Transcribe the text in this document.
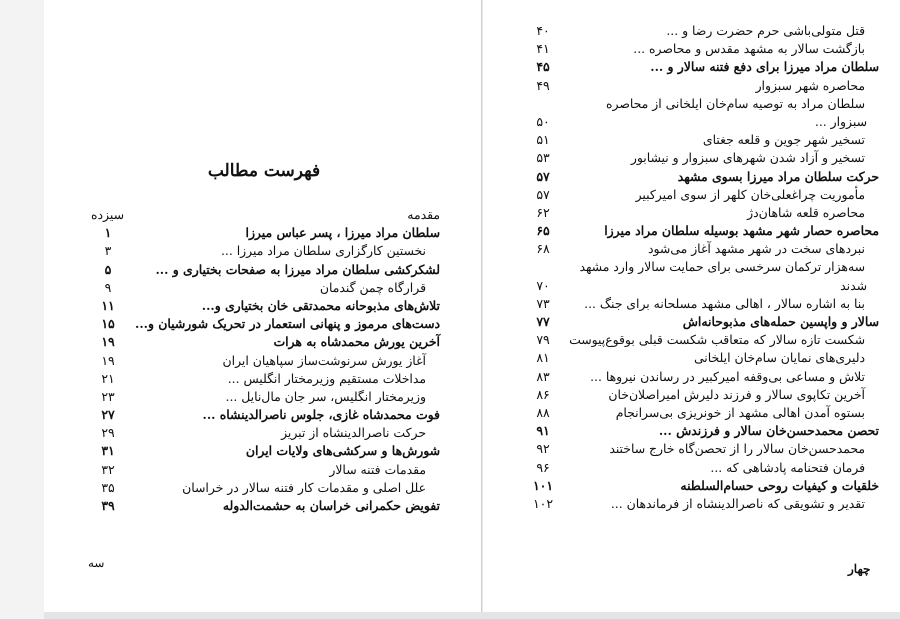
فهرست مطالب
مقدمه
سیزده
سلطان مراد میرزا ، پسر عباس میرزا
۱
نخستین کارگزاری سلطان مراد میرزا ...
۳
لشکرکشی سلطان مراد میرزا به صفحات بختیاری و ...
۵
قرارگاه چمن گندمان
۹
تلاش‌های مذبوحانه محمدتقی خان بختیاری و...
۱۱
دست‌های مرموز و پنهانی استعمار در تحریک شورشیان و...
۱۵
آخرین یورش محمدشاه به هرات
۱۹
آغاز یورش سرنوشت‌ساز سپاهیان ایران
۱۹
مداخلات مستقیم وزیرمختار انگلیس ...
۲۱
وزیرمختار انگلیس، سر جان مال‌نایل ...
۲۳
فوت محمدشاه غازی، جلوس ناصرالدینشاه ...
۲۷
حرکت ناصرالدینشاه از تبریز
۲۹
شورش‌ها و سرکشی‌های ولایات ایران
۳۱
مقدمات فتنه سالار
۳۲
علل اصلی و مقدمات کار فتنه سالار در خراسان
۳۵
تفویض حکمرانی خراسان به حشمت‌الدوله
۳۹
قتل متولی‌باشی حرم حضرت رضا و ...
۴۰
بازگشت سالار به مشهد مقدس و محاصره ...
۴۱
سلطان مراد میرزا برای دفع فتنه سالار و ...
۴۵
محاصره شهر سبزوار
۴۹
سلطان مراد به توصیه سام‌خان ایلخانی از محاصره
سبزوار ...
۵۰
تسخیر شهر جوین و قلعه جغتای
۵۱
تسخیر و آزاد شدن شهرهای سبزوار و نیشابور
۵۳
حرکت سلطان مراد میرزا بسوی مشهد
۵۷
مأموریت چراغعلی‌خان کلهر از سوی امیرکبیر
۵۷
محاصره قلعه شاهان‌دژ
۶۲
محاصره حصار شهر مشهد بوسیله سلطان مراد میرزا
۶۵
نبردهای سخت در شهر مشهد آغاز می‌شود
۶۸
سه‌هزار ترکمان سرخسی برای حمایت سالار وارد مشهد
شدند
۷۰
بنا به اشاره سالار ، اهالی مشهد مسلحانه برای جنگ ...
۷۳
سالار و واپسین حمله‌های مذبوحانه‌اش
۷۷
شکست تازه سالار که متعاقب شکست قبلی بوقوع‌پیوست
۷۹
دلیری‌های نمایان سام‌خان ایلخانی
۸۱
تلاش و مساعی بی‌وقفه امیرکبیر در رساندن نیروها ...
۸۳
آخرین تکاپوی سالار و فرزند دلیرش امیراصلان‌خان
۸۶
بستوه آمدن اهالی مشهد از خونریزی بی‌سرانجام
۸۸
تحصن محمدحسن‌خان سالار و فرزندش ...
۹۱
محمدحسن‌خان سالار را از تحصن‌گاه خارج ساختند
۹۲
فرمان فتحنامه پادشاهی که ...
۹۶
خلقیات و کیفیات روحی حسام‌السلطنه
۱۰۱
تقدیر و تشویقی که ناصرالدینشاه از فرماندهان ...
۱۰۲
سه	چهار
